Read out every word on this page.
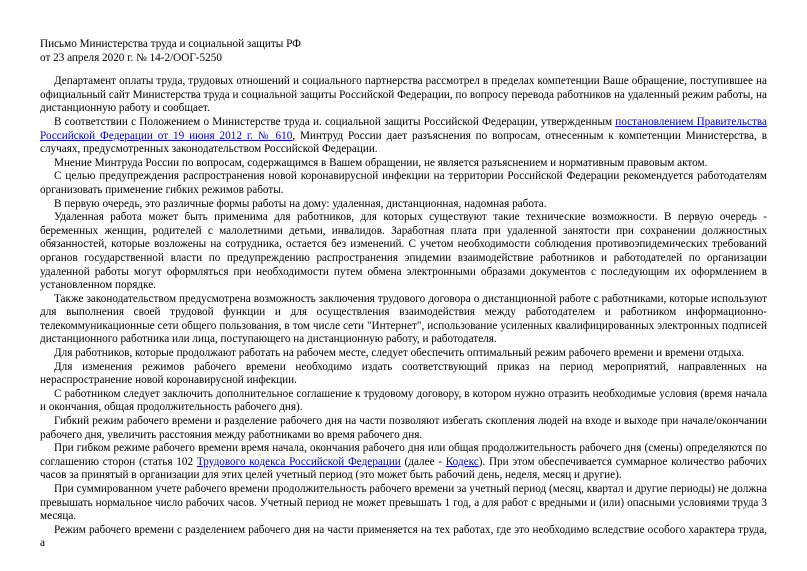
Письмо Министерства труда и социальной защиты РФ
от 23 апреля 2020 г. № 14-2/ООГ-5250

Департамент оплаты труда, трудовых отношений и социального партнерства рассмотрел в пределах компетенции Ваше обращение, поступившее на официальный сайт Министерства труда и социальной защиты Российской Федерации, по вопросу перевода работников на удаленный режим работы, на дистанционную работу и сообщает.

В соответствии с Положением о Министерстве труда и. социальной защиты Российской Федерации, утвержденным постановлением Правительства Российской Федерации от 19 июня 2012 г. № 610, Минтруд России дает разъяснения по вопросам, отнесенным к компетенции Министерства, в случаях, предусмотренных законодательством Российской Федерации.

Мнение Минтруда России по вопросам, содержащимся в Вашем обращении, не является разъяснением и нормативным правовым актом.

С целью предупреждения распространения новой коронавирусной инфекции на территории Российской Федерации рекомендуется работодателям организовать применение гибких режимов работы.

В первую очередь, это различные формы работы на дому: удаленная, дистанционная, надомная работа.

Удаленная работа может быть применима для работников, для которых существуют такие технические возможности. В первую очередь - беременных женщин, родителей с малолетними детьми, инвалидов. Заработная плата при удаленной занятости при сохранении должностных обязанностей, которые возложены на сотрудника, остается без изменений. С учетом необходимости соблюдения противоэпидемических требований органов государственной власти по предупреждению распространения эпидемии взаимодействие работников и работодателей по организации удаленной работы могут оформляться при необходимости путем обмена электронными образами документов с последующим их оформлением в установленном порядке.

Также законодательством предусмотрена возможность заключения трудового договора о дистанционной работе с работниками, которые используют для выполнения своей трудовой функции и для осуществления взаимодействия между работодателем и работником информационно-телекоммуникационные сети общего пользования, в том числе сети "Интернет", использование усиленных квалифицированных электронных подписей дистанционного работника или лица, поступающего на дистанционную работу, и работодателя.

Для работников, которые продолжают работать на рабочем месте, следует обеспечить оптимальный режим рабочего времени и времени отдыха.

Для изменения режимов рабочего времени необходимо издать соответствующий приказ на период мероприятий, направленных на нераспространение новой коронавирусной инфекции.

С работником следует заключить дополнительное соглашение к трудовому договору, в котором нужно отразить необходимые условия (время начала и окончания, общая продолжительность рабочего дня).

Гибкий режим рабочего времени и разделение рабочего дня на части позволяют избегать скопления людей на входе и выходе при начале/окончании рабочего дня, увеличить расстояния между работниками во время рабочего дня.

При гибком режиме рабочего времени время начала, окончания рабочего дня или общая продолжительность рабочего дня (смены) определяются по соглашению сторон (статья 102 Трудового кодекса Российской Федерации (далее - Кодекс). При этом обеспечивается суммарное количество рабочих часов за принятый в организации для этих целей учетный период (это может быть рабочий день, неделя, месяц и другие).

При суммированном учете рабочего времени продолжительность рабочего времени за учетный период (месяц, квартал и другие периоды) не должна превышать нормальное число рабочих часов. Учетный период не может превышать 1 год, а для работ с вредными и (или) опасными условиями труда 3 месяца.

Режим рабочего времени с разделением рабочего дня на части применяется на тех работах, где это необходимо вследствие особого характера труда, а
